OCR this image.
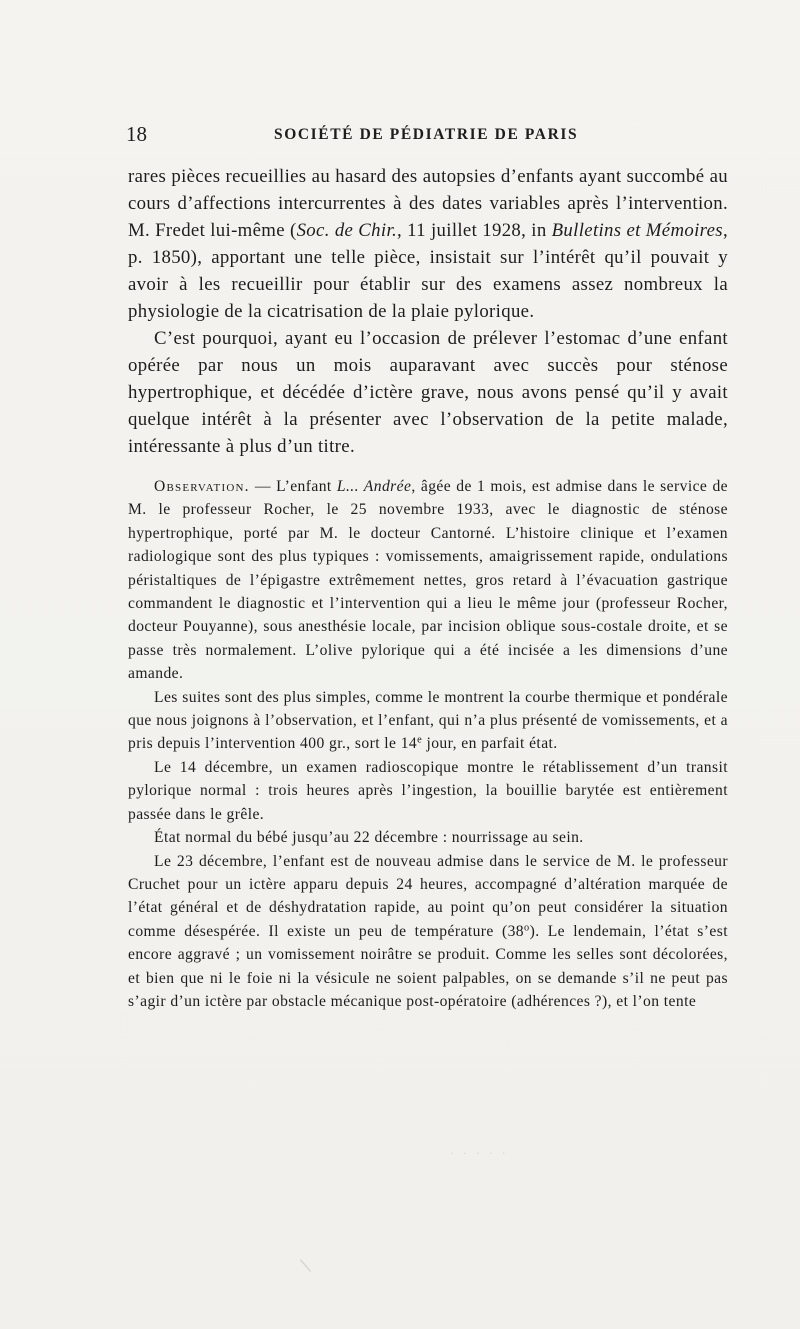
18	SOCIÉTÉ DE PÉDIATRIE DE PARIS

rares pièces recueillies au hasard des autopsies d’enfants ayant succombé au cours d’affections intercurrentes à des dates variables après l’intervention. M. Fredet lui-même (Soc. de Chir., 11 juillet 1928, in Bulletins et Mémoires, p. 1850), apportant une telle pièce, insistait sur l’intérêt qu’il pouvait y avoir à les recueillir pour établir sur des examens assez nombreux la physiologie de la cicatrisation de la plaie pylorique.

C’est pourquoi, ayant eu l’occasion de prélever l’estomac d’une enfant opérée par nous un mois auparavant avec succès pour sténose hypertrophique, et décédée d’ictère grave, nous avons pensé qu’il y avait quelque intérêt à la présenter avec l’observation de la petite malade, intéressante à plus d’un titre.

Observation. — L’enfant L... Andrée, âgée de 1 mois, est admise dans le service de M. le professeur Rocher, le 25 novembre 1933, avec le diagnostic de sténose hypertrophique, porté par M. le docteur Cantorné. L’histoire clinique et l’examen radiologique sont des plus typiques : vomissements, amaigrissement rapide, ondulations péristaltiques de l’épigastre extrêmement nettes, gros retard à l’évacuation gastrique commandent le diagnostic et l’intervention qui a lieu le même jour (professeur Rocher, docteur Pouyanne), sous anesthésie locale, par incision oblique sous-costale droite, et se passe très normalement. L’olive pylorique qui a été incisée a les dimensions d’une amande.

Les suites sont des plus simples, comme le montrent la courbe thermique et pondérale que nous joignons à l’observation, et l’enfant, qui n’a plus présenté de vomissements, et a pris depuis l’intervention 400 gr., sort le 14e jour, en parfait état.

Le 14 décembre, un examen radioscopique montre le rétablissement d’un transit pylorique normal : trois heures après l’ingestion, la bouillie barytée est entièrement passée dans le grêle.

État normal du bébé jusqu’au 22 décembre : nourrissage au sein.

Le 23 décembre, l’enfant est de nouveau admise dans le service de M. le professeur Cruchet pour un ictère apparu depuis 24 heures, accompagné d’altération marquée de l’état général et de déshydratation rapide, au point qu’on peut considérer la situation comme désespérée. Il existe un peu de température (38$^o$). Le lendemain, l’état s’est encore aggravé ; un vomissement noirâtre se produit. Comme les selles sont décolorées, et bien que ni le foie ni la vésicule ne soient palpables, on se demande s’il ne peut pas s’agir d’un ictère par obstacle mécanique post-opératoire (adhérences ?), et l’on tente

· · · · ·
/
